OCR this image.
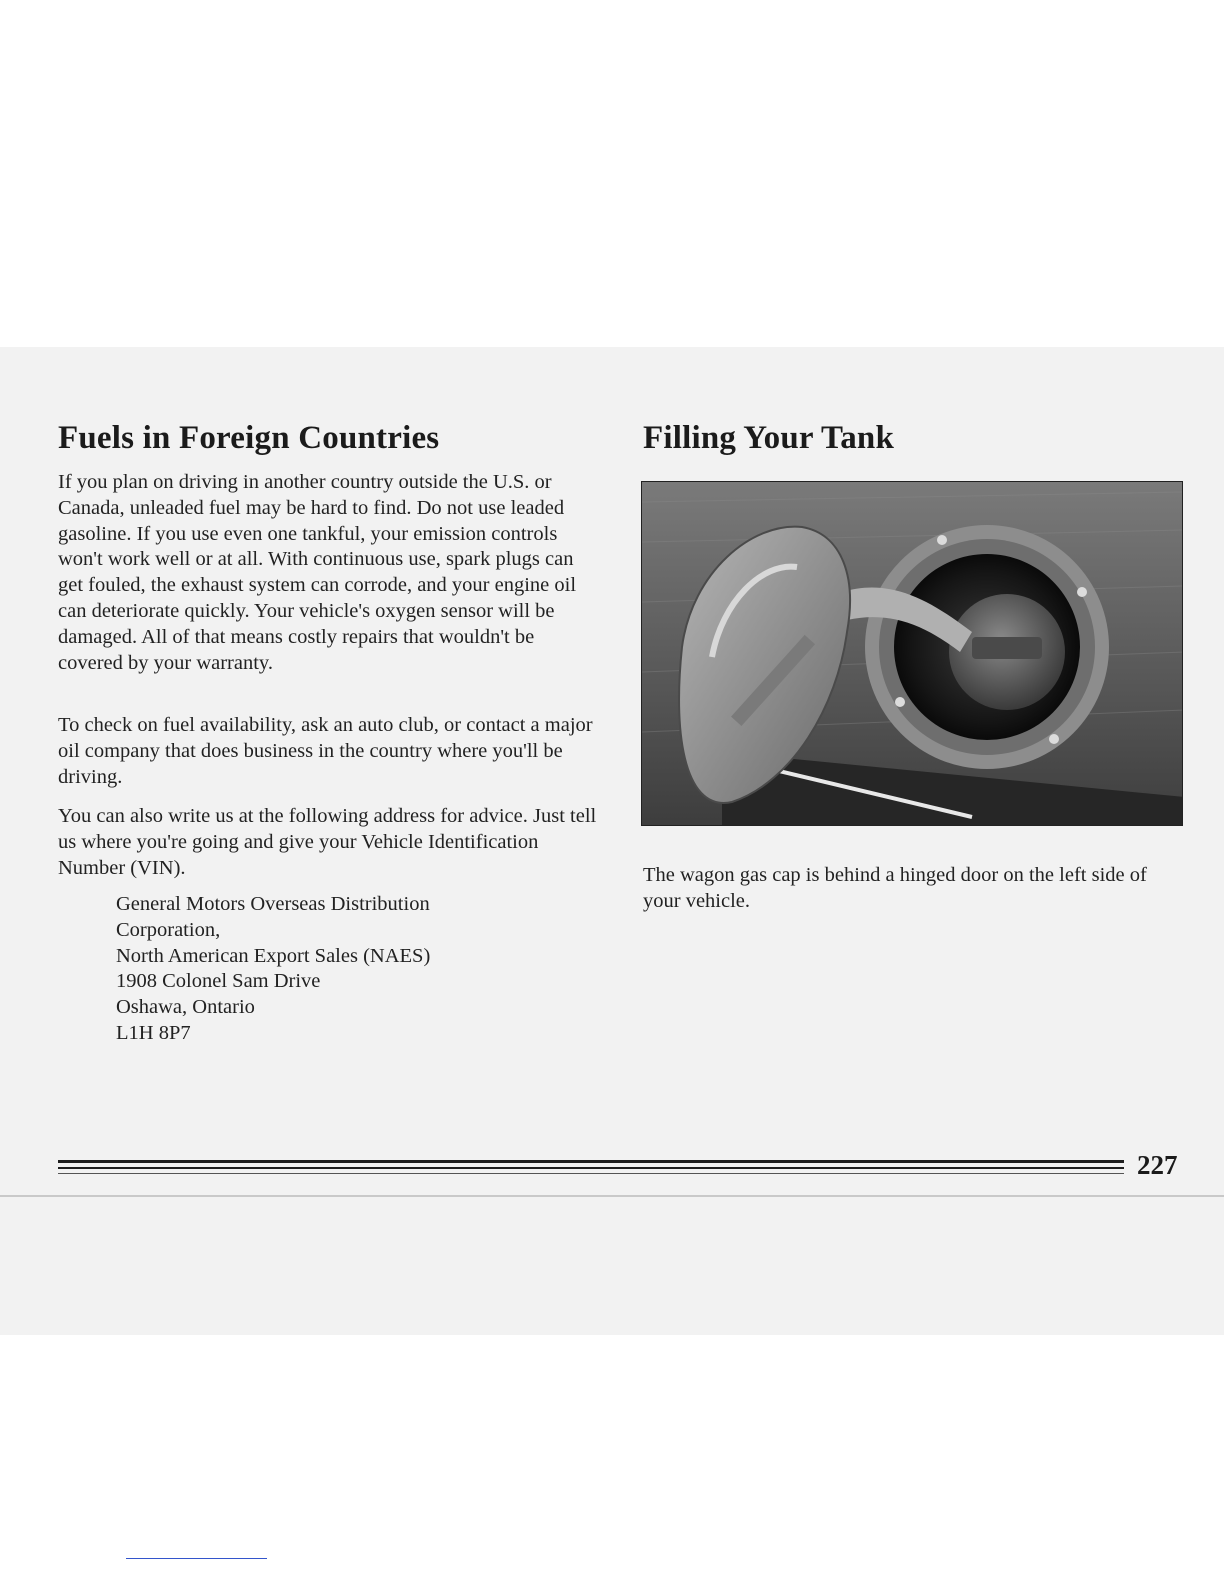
Fuels in Foreign Countries

If you plan on driving in another country outside the U.S. or Canada, unleaded fuel may be hard to find. Do not use leaded gasoline. If you use even one tankful, your emission controls won't work well or at all. With continuous use, spark plugs can get fouled, the exhaust system can corrode, and your engine oil can deteriorate quickly. Your vehicle's oxygen sensor will be damaged. All of that means costly repairs that wouldn't be covered by your warranty.

To check on fuel availability, ask an auto club, or contact a major oil company that does business in the country where you'll be driving.

You can also write us at the following address for advice. Just tell us where you're going and give your Vehicle Identification Number (VIN).

General Motors Overseas Distribution
Corporation,
North American Export Sales (NAES)
1908 Colonel Sam Drive
Oshawa, Ontario
L1H 8P7
Filling Your Tank

The wagon gas cap is behind a hinged door on the left side of your vehicle.

227
